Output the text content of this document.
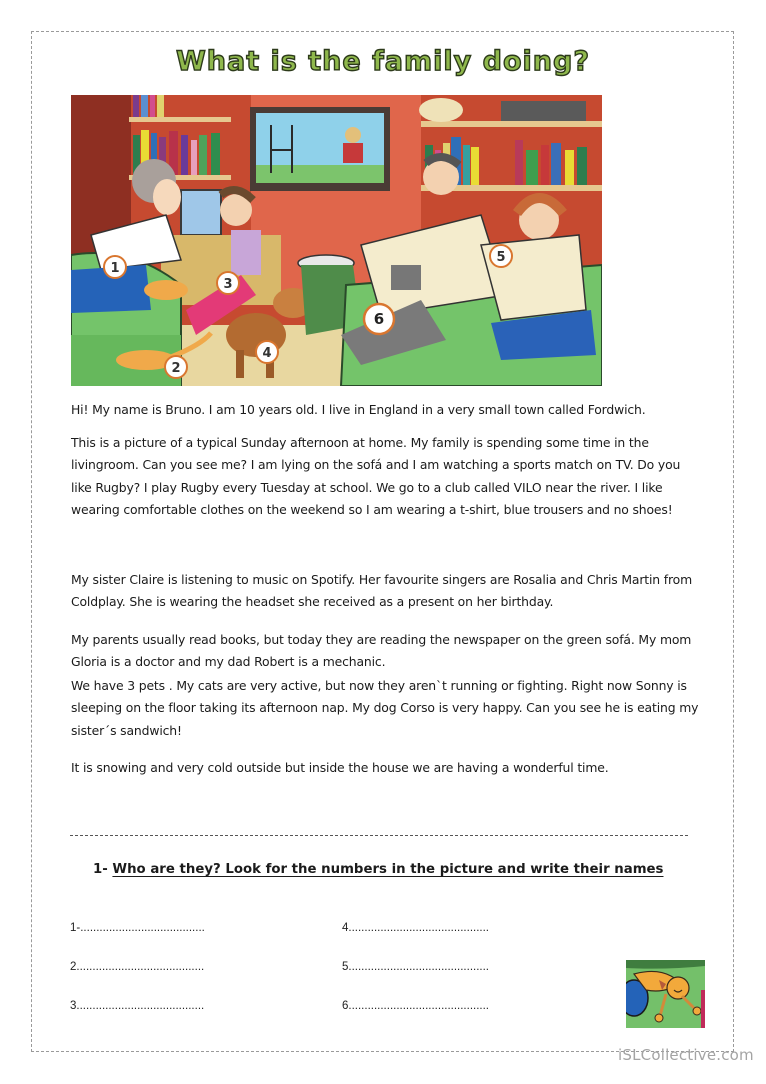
What is the family doing?
1
2
3
4
5
6
Hi! My name is Bruno. I am 10 years old. I live in England in a very small town called Fordwich.
This is a picture of a typical Sunday afternoon at home. My family is spending some time in the livingroom. Can you see me? I am lying on the sofá and I am watching a sports match on TV. Do you like Rugby? I play Rugby every Tuesday at school. We go to a club called VILO near the river. I like wearing comfortable clothes on the weekend so I am wearing a t-shirt, blue trousers and no shoes!
My sister Claire is listening to music on Spotify. Her favourite singers are Rosalia and Chris Martin from Coldplay. She is wearing the headset she received as a present on her birthday.
My parents usually read books, but today they are reading the newspaper on the green sofá. My mom Gloria is a doctor and my dad Robert is a mechanic.
We have 3 pets . My cats are very active, but now they aren`t running or fighting. Right now Sonny is sleeping on the floor taking its afternoon nap. My dog Corso is very happy. Can you see he is eating my sister´s sandwich!
It is snowing and very cold outside but inside the house we are having a wonderful time.
1- Who are they? Look for the numbers in the picture and write their names
1-.......................................
2........................................
3........................................
4............................................
5............................................
6............................................
iSLCollective.com
